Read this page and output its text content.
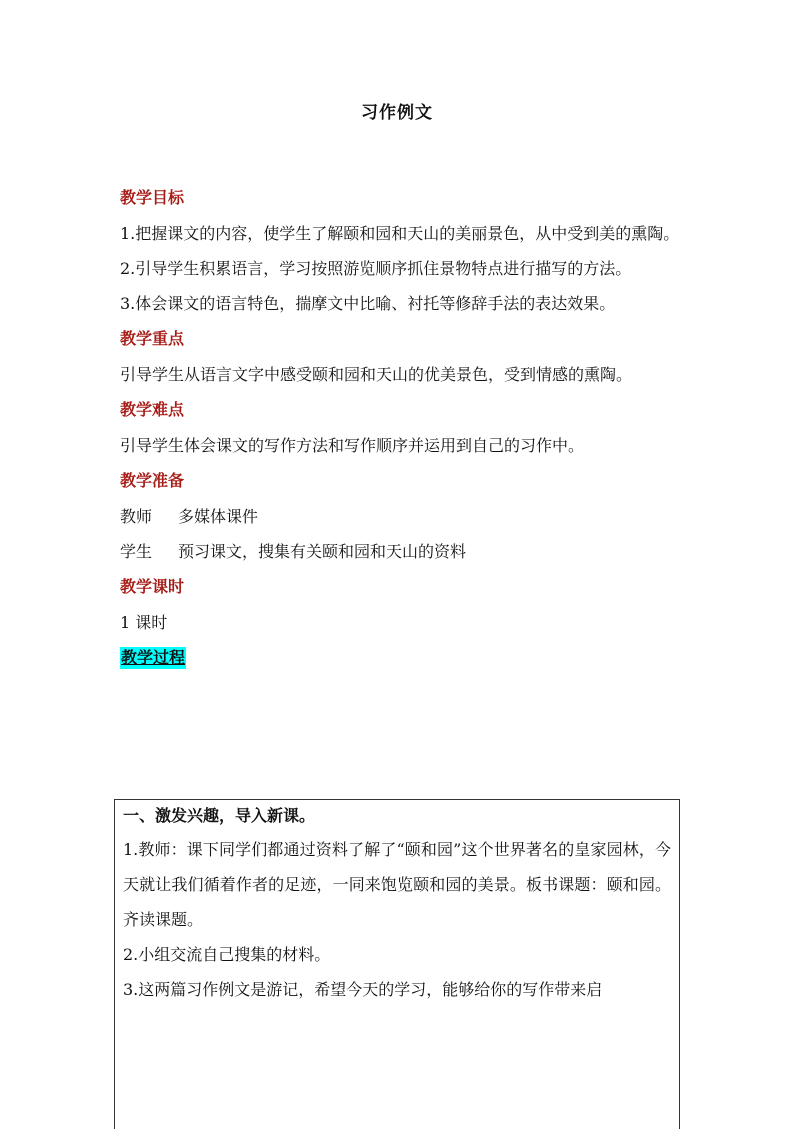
习作例文

教学目标

1.把握课文的内容，使学生了解颐和园和天山的美丽景色，从中受到美的熏陶。

2.引导学生积累语言，学习按照游览顺序抓住景物特点进行描写的方法。

3.体会课文的语言特色，揣摩文中比喻、衬托等修辞手法的表达效果。

教学重点

引导学生从语言文字中感受颐和园和天山的优美景色，受到情感的熏陶。

教学难点

引导学生体会课文的写作方法和写作顺序并运用到自己的习作中。

教学准备

教师 多媒体课件

学生 预习课文，搜集有关颐和园和天山的资料

教学课时

1 课时

教学过程

一、激发兴趣，导入新课。

1.教师：课下同学们都通过资料了解了“颐和园”这个世界著名的皇家园林，今天就让我们循着作者的足迹，一同来饱览颐和园的美景。板书课题：颐和园。齐读课题。

2.小组交流自己搜集的材料。

3.这两篇习作例文是游记，希望今天的学习，能够给你的写作带来启
